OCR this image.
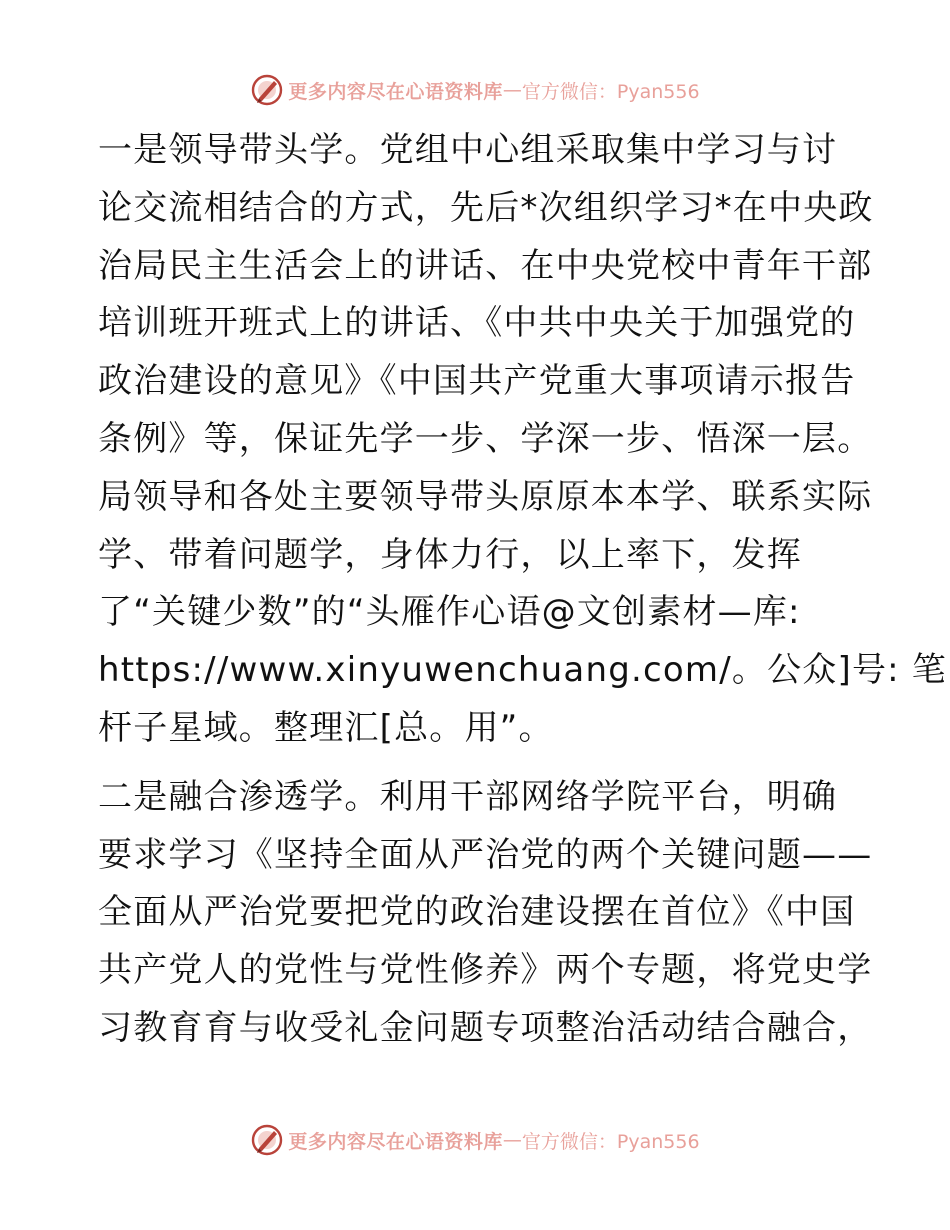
更多内容尽在心语资料库 — 官方微信：Pyan556

一是领导带头学。党组中心组采取集中学习与讨
论交流相结合的方式，先后*次组织学习*在中央政
治局民主生活会上的讲话、在中央党校中青年干部
培训班开班式上的讲话、《中共中央关于加强党的
政治建设的意见》《中国共产党重大事项请示报告
条例》等，保证先学一步、学深一步、悟深一层。
局领导和各处主要领导带头原原本本学、联系实际
学、带着问题学，身体力行，以上率下，发挥
了“关键少数”的“头雁作心语@文创素材—库:
https://www.xinyuwenchuang.com/。公众]号: 笔
杆子星域。整理汇[总。用”。

二是融合渗透学。利用干部网络学院平台，明确
要求学习《坚持全面从严治党的两个关键问题——
全面从严治党要把党的政治建设摆在首位》《中国
共产党人的党性与党性修养》两个专题，将党史学
习教育育与收受礼金问题专项整治活动结合融合，

更多内容尽在心语资料库 — 官方微信：Pyan556
